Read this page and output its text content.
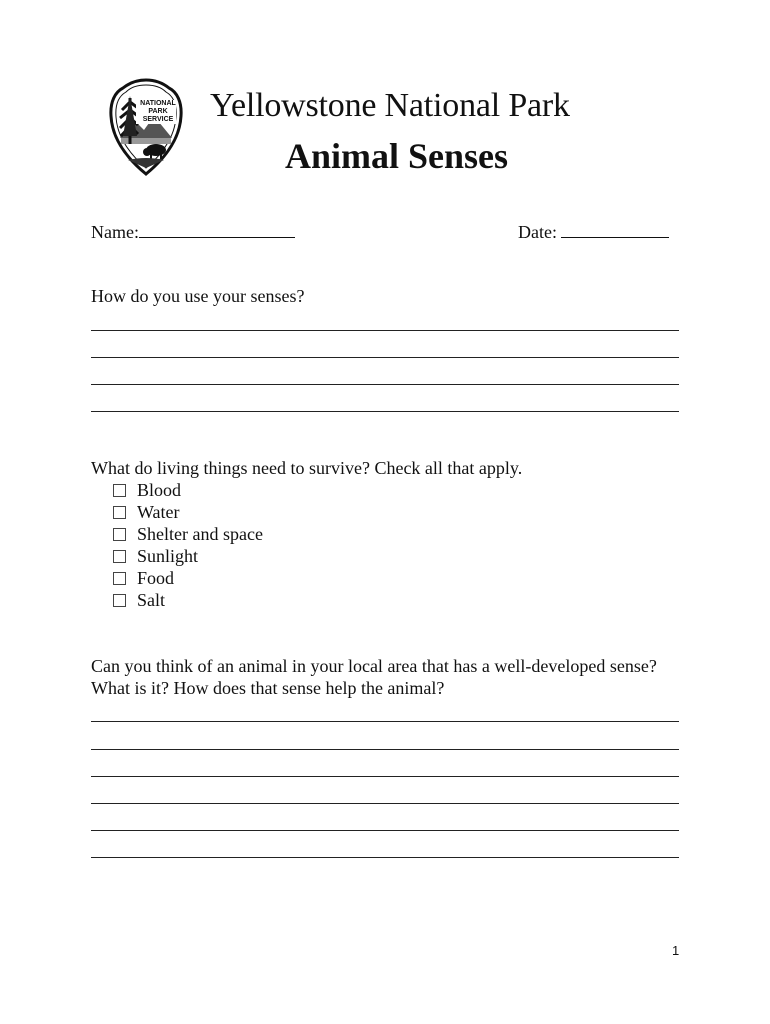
NATIONAL
PARK
SERVICE Yellowstone National Park
Animal Senses
Name:	Date:
How do you use your senses?
What do living things need to survive? Check all that apply.
Blood
Water
Shelter and space
Sunlight
Food
Salt
Can you think of an animal in your local area that has a well-developed sense?
What is it? How does that sense help the animal?
1
